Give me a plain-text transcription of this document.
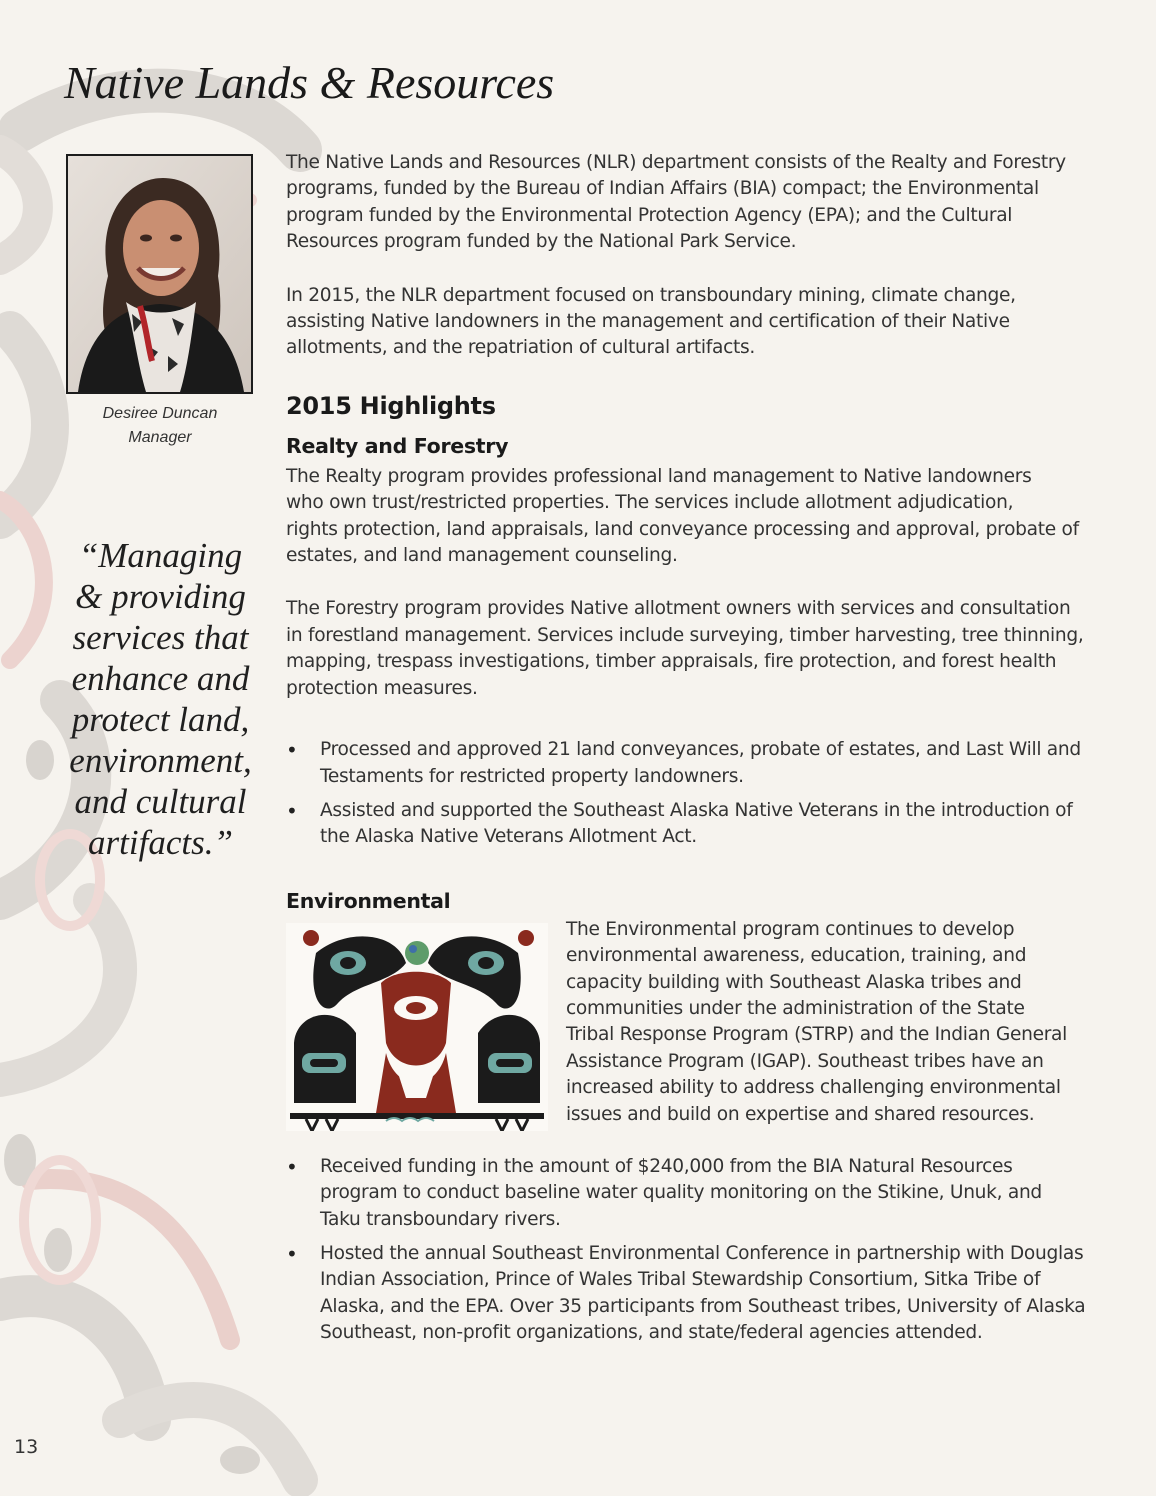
Native Lands & Resources
Desiree Duncan
Manager
“Managing
& providing
services that
enhance and
protect land,
environment,
and cultural
artifacts.”

The Native Lands and Resources (NLR) department consists of the Realty and Forestry
programs, funded by the Bureau of Indian Affairs (BIA) compact; the Environmental
program funded by the Environmental Protection Agency (EPA); and the Cultural
Resources program funded by the National Park Service.

In 2015, the NLR department focused on transboundary mining, climate change,
assisting Native landowners in the management and certification of their Native
allotments, and the repatriation of cultural artifacts.

2015 Highlights
Realty and Forestry

The Realty program provides professional land management to Native landowners
who own trust/restricted properties. The services include allotment adjudication,
rights protection, land appraisals, land conveyance processing and approval, probate of
estates, and land management counseling.

The Forestry program provides Native allotment owners with services and consultation
in forestland management. Services include surveying, timber harvesting, tree thinning,
mapping, trespass investigations, timber appraisals, fire protection, and forest health
protection measures.

• Processed and approved 21 land conveyances, probate of estates, and Last Will and
Testaments for restricted property landowners.
• Assisted and supported the Southeast Alaska Native Veterans in the introduction of
the Alaska Native Veterans Allotment Act.
Environmental

The Environmental program continues to develop
environmental awareness, education, training, and
capacity building with Southeast Alaska tribes and
communities under the administration of the State
Tribal Response Program (STRP) and the Indian General
Assistance Program (IGAP). Southeast tribes have an
increased ability to address challenging environmental
issues and build on expertise and shared resources.

• Received funding in the amount of $240,000 from the BIA Natural Resources
program to conduct baseline water quality monitoring on the Stikine, Unuk, and
Taku transboundary rivers.
• Hosted the annual Southeast Environmental Conference in partnership with Douglas
Indian Association, Prince of Wales Tribal Stewardship Consortium, Sitka Tribe of
Alaska, and the EPA. Over 35 participants from Southeast tribes, University of Alaska
Southeast, non-profit organizations, and state/federal agencies attended.
13
